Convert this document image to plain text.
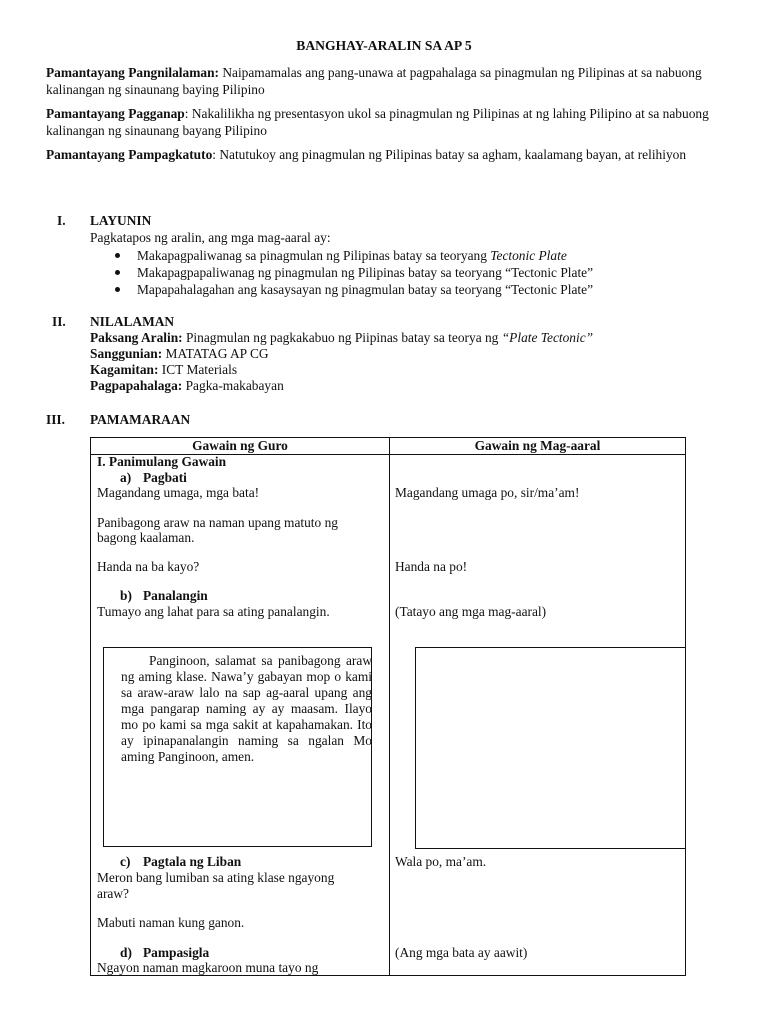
BANGHAY-ARALIN SA AP 5
Pamantayang Pangnilalaman: Naipamamalas ang pang-unawa at pagpahalaga sa pinagmulan ng Pilipinas at sa nabuong kalinangan ng sinaunang baying Pilipino
Pamantayang Pagganap: Nakalilikha ng presentasyon ukol sa pinagmulan ng Pilipinas at ng lahing Pilipino at sa nabuong kalinangan ng sinaunang bayang Pilipino
Pamantayang Pampagkatuto: Natutukoy ang pinagmulan ng Pilipinas batay sa agham, kaalamang bayan, at relihiyon
I. LAYUNIN
Pagkatapos ng aralin, ang mga mag-aaral ay:
Makapagpaliwanag sa pinagmulan ng Pilipinas batay sa teoryang Tectonic Plate
Makapagpapaliwanag ng pinagmulan ng Pilipinas batay sa teoryang “Tectonic Plate”
Mapapahalagahan ang kasaysayan ng pinagmulan batay sa teoryang “Tectonic Plate”
II. NILALAMAN
Paksang Aralin: Pinagmulan ng pagkakabuo ng Piipinas batay sa teorya ng “Plate Tectonic”
Sanggunian: MATATAG AP CG
Kagamitan: ICT Materials
Pagpapahalaga: Pagka-makabayan
III. PAMAMARAAN
Gawain ng Guro	Gawain ng Mag-aaral
I. Panimulang Gawain
a) Pagbati
Magandang umaga, mga bata!	Magandang umaga po, sir/ma’am!
Panibagong araw na naman upang matuto ng
bagong kaalaman.
Handa na ba kayo?	Handa na po!
b) Panalangin
Tumayo ang lahat para sa ating panalangin.	(Tatayo ang mga mag-aaral)
Panginoon, salamat sa panibagong araw ng aming klase. Nawa’y gabayan mop o kami sa araw-araw lalo na sap ag-aaral upang ang mga pangarap naming ay ay maasam. Ilayo mo po kami sa mga sakit at kapahamakan. Ito ay ipinapanalangin naming sa ngalan Mo aming Panginoon, amen.
c) Pagtala ng Liban	Wala po, ma’am.
Meron bang lumiban sa ating klase ngayong
araw?
Mabuti naman kung ganon.
d) Pampasigla	(Ang mga bata ay aawit)
Ngayon naman magkaroon muna tayo ng
